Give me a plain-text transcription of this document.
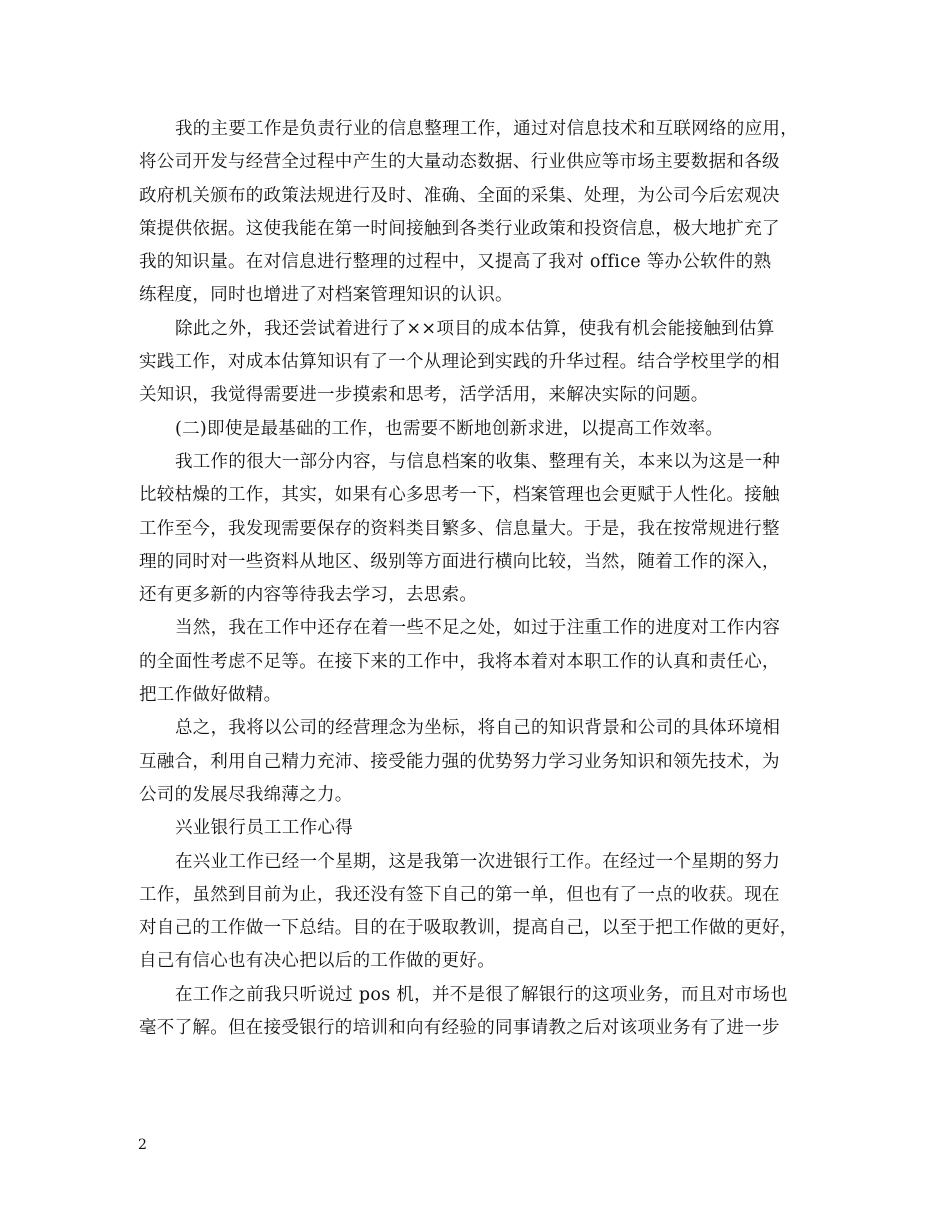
我的主要工作是负责行业的信息整理工作，通过对信息技术和互联网络的应用，
将公司开发与经营全过程中产生的大量动态数据、行业供应等市场主要数据和各级
政府机关颁布的政策法规进行及时、准确、全面的采集、处理，为公司今后宏观决
策提供依据。这使我能在第一时间接触到各类行业政策和投资信息，极大地扩充了
我的知识量。在对信息进行整理的过程中，又提高了我对 office 等办公软件的熟
练程度，同时也增进了对档案管理知识的认识。
除此之外，我还尝试着进行了××项目的成本估算，使我有机会能接触到估算
实践工作，对成本估算知识有了一个从理论到实践的升华过程。结合学校里学的相
关知识，我觉得需要进一步摸索和思考，活学活用，来解决实际的问题。
(二)即使是最基础的工作，也需要不断地创新求进，以提高工作效率。
我工作的很大一部分内容，与信息档案的收集、整理有关，本来以为这是一种
比较枯燥的工作，其实，如果有心多思考一下，档案管理也会更赋于人性化。接触
工作至今，我发现需要保存的资料类目繁多、信息量大。于是，我在按常规进行整
理的同时对一些资料从地区、级别等方面进行横向比较，当然，随着工作的深入，
还有更多新的内容等待我去学习，去思索。
当然，我在工作中还存在着一些不足之处，如过于注重工作的进度对工作内容
的全面性考虑不足等。在接下来的工作中，我将本着对本职工作的认真和责任心，
把工作做好做精。
总之，我将以公司的经营理念为坐标，将自己的知识背景和公司的具体环境相
互融合，利用自己精力充沛、接受能力强的优势努力学习业务知识和领先技术，为
公司的发展尽我绵薄之力。
兴业银行员工工作心得
在兴业工作已经一个星期，这是我第一次进银行工作。在经过一个星期的努力
工作，虽然到目前为止，我还没有签下自己的第一单，但也有了一点的收获。现在
对自己的工作做一下总结。目的在于吸取教训，提高自己，以至于把工作做的更好，
自己有信心也有决心把以后的工作做的更好。
在工作之前我只听说过 pos 机，并不是很了解银行的这项业务，而且对市场也
毫不了解。但在接受银行的培训和向有经验的同事请教之后对该项业务有了进一步
2
